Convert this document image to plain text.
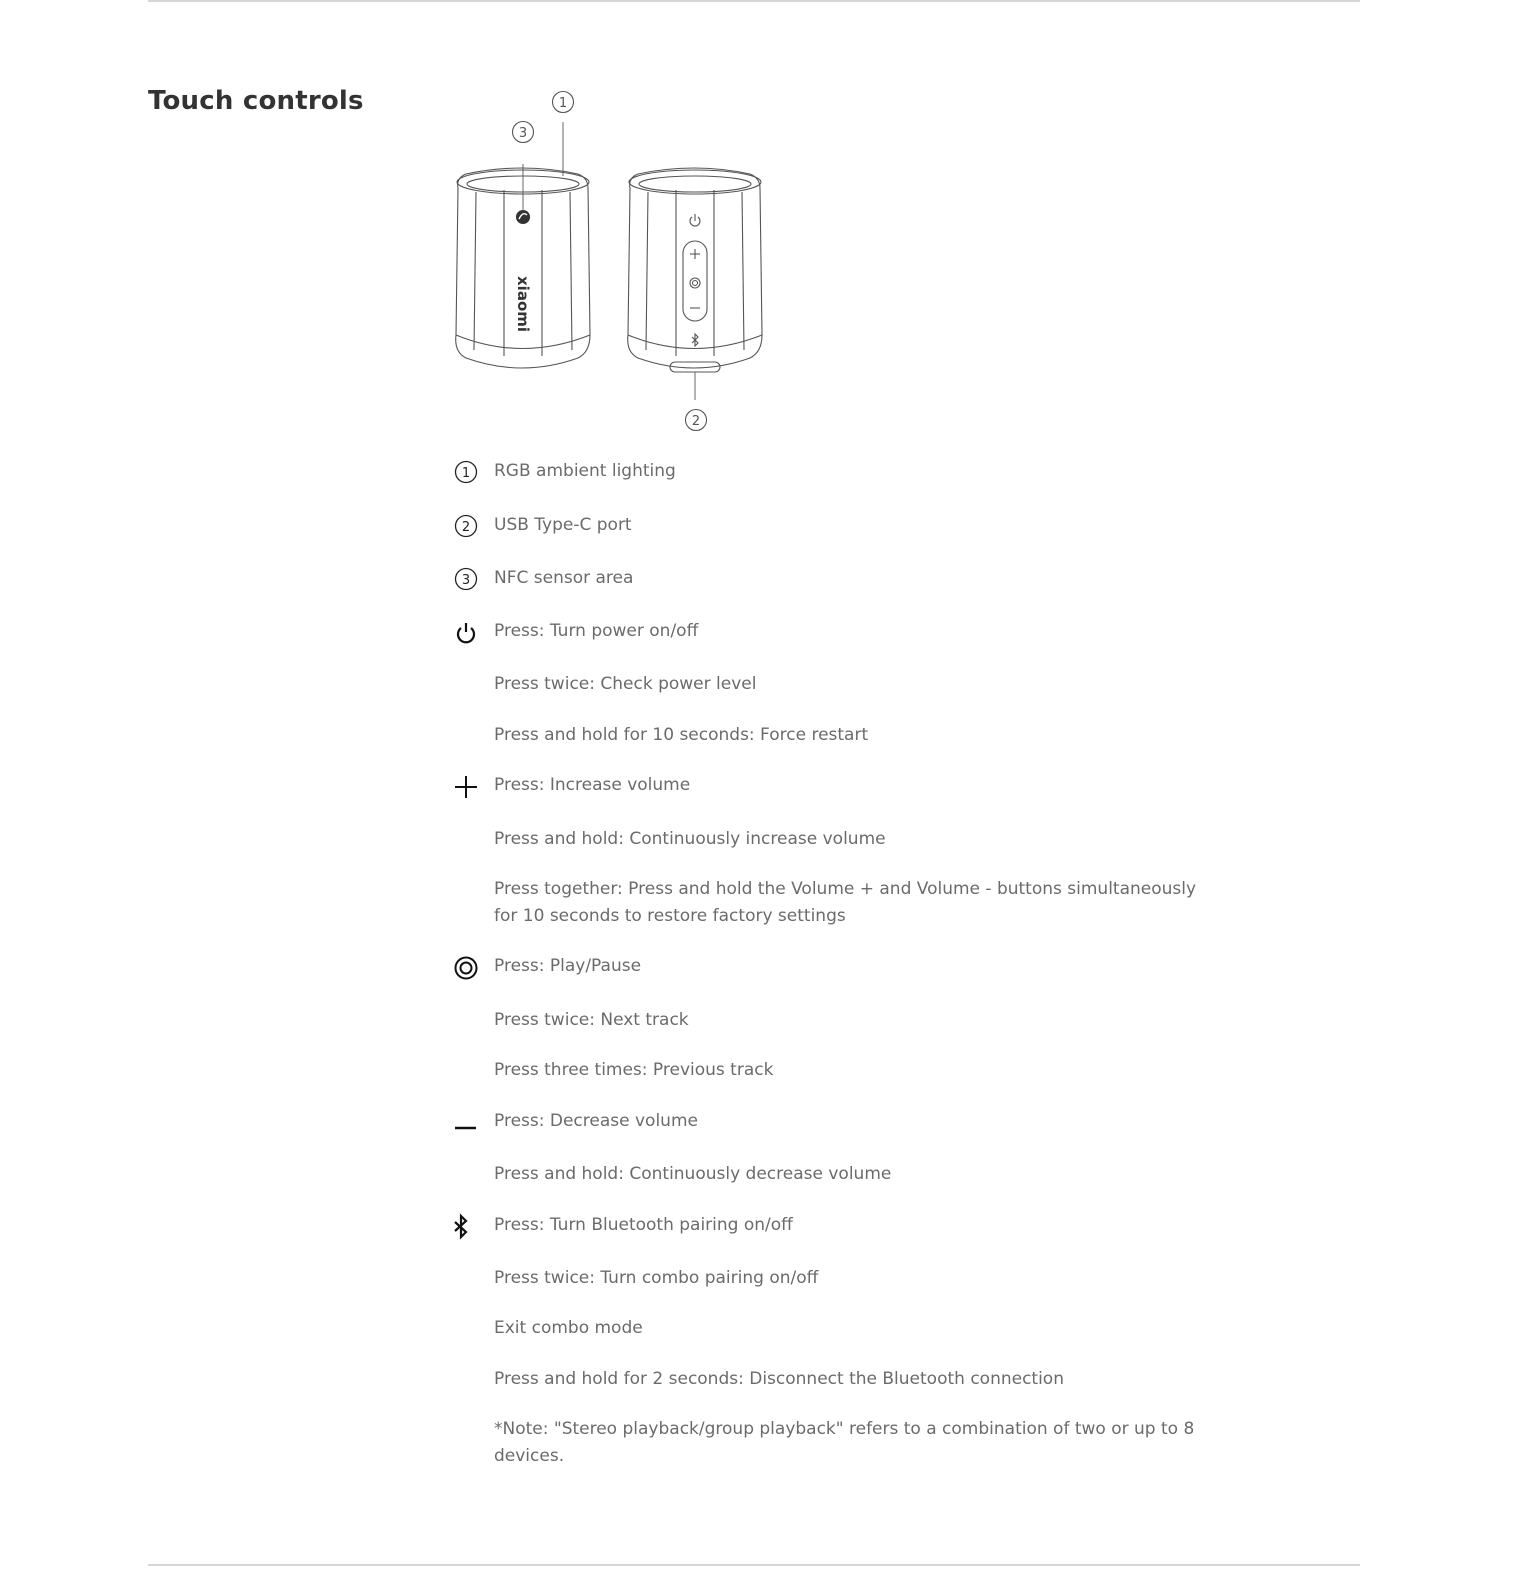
Touch controls
xiaomi
1
3
2
1 RGB ambient lighting
2 USB Type-C port
3 NFC sensor area
Press: Turn power on/off
Press twice: Check power level
Press and hold for 10 seconds: Force restart
Press: Increase volume
Press and hold: Continuously increase volume
Press together: Press and hold the Volume + and Volume - buttons simultaneously for 10 seconds to restore factory settings
Press: Play/Pause
Press twice: Next track
Press three times: Previous track
Press: Decrease volume
Press and hold: Continuously decrease volume
Press: Turn Bluetooth pairing on/off
Press twice: Turn combo pairing on/off
Exit combo mode
Press and hold for 2 seconds: Disconnect the Bluetooth connection
*Note: "Stereo playback/group playback" refers to a combination of two or up to 8 devices.
